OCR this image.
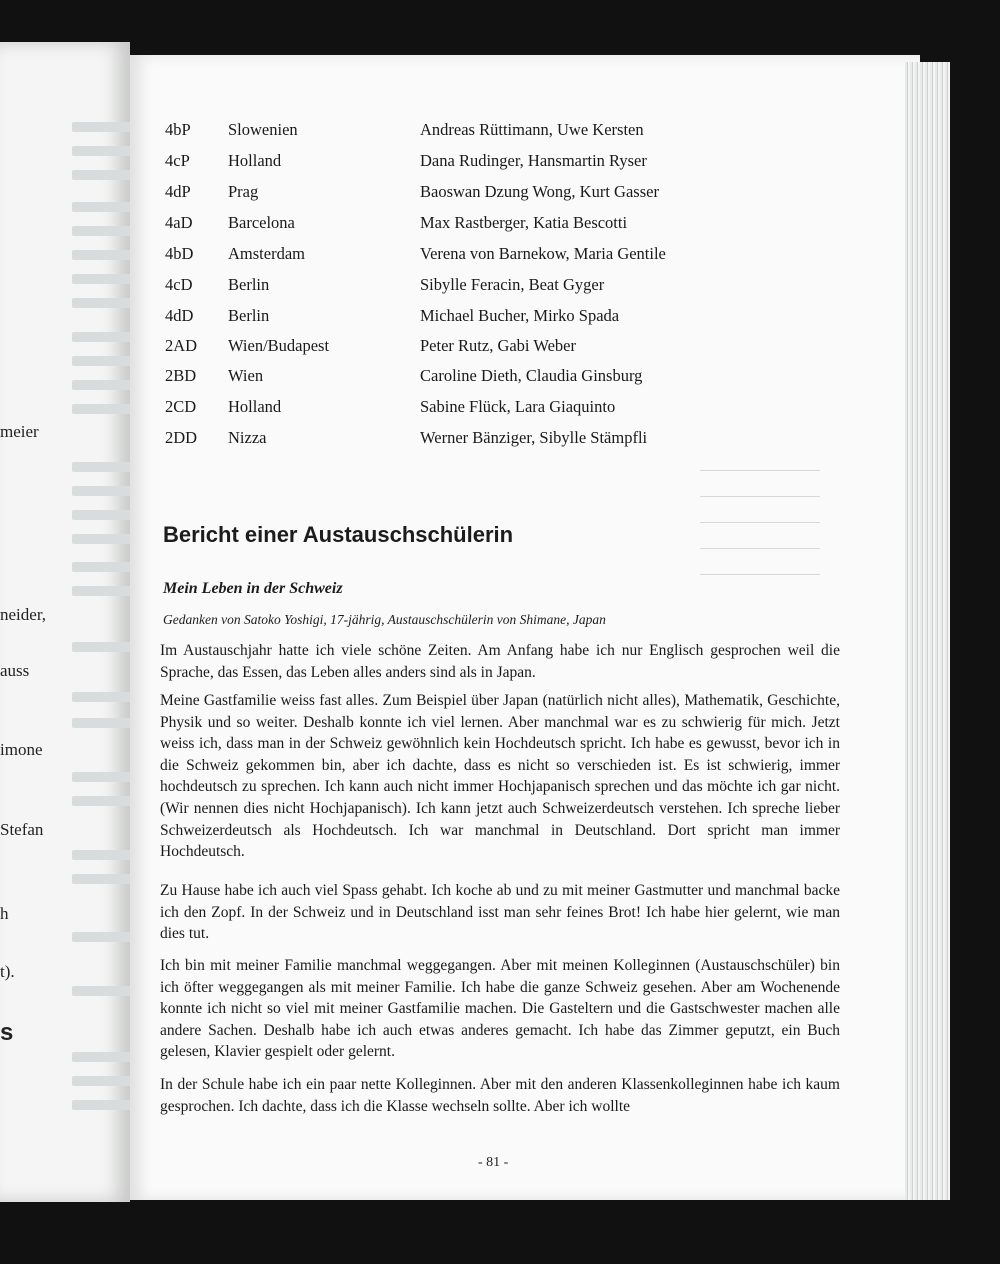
meier
neider,
auss
imone
Stefan
h
t).
s
4bP Slowenien	Andreas Rüttimann, Uwe Kersten
4cP Holland	Dana Rudinger, Hansmartin Ryser
4dP Prag	Baoswan Dzung Wong, Kurt Gasser
4aD Barcelona	Max Rastberger, Katia Bescotti
4bD Amsterdam	Verena von Barnekow, Maria Gentile
4cD Berlin	Sibylle Feracin, Beat Gyger
4dD Berlin	Michael Bucher, Mirko Spada
2AD Wien/Budapest	Peter Rutz, Gabi Weber
2BD Wien	Caroline Dieth, Claudia Ginsburg
2CD Holland	Sabine Flück, Lara Giaquinto
2DD Nizza	Werner Bänziger, Sibylle Stämpfli
Bericht einer Austauschschülerin
Mein Leben in der Schweiz
Gedanken von Satoko Yoshigi, 17-jährig, Austauschschülerin von Shimane, Japan

Im Austauschjahr hatte ich viele schöne Zeiten. Am Anfang habe ich nur Englisch gesprochen weil die Sprache, das Essen, das Leben alles anders sind als in Japan.

Meine Gastfamilie weiss fast alles. Zum Beispiel über Japan (natürlich nicht alles), Mathematik, Geschichte, Physik und so weiter. Deshalb konnte ich viel lernen. Aber manchmal war es zu schwierig für mich. Jetzt weiss ich, dass man in der Schweiz gewöhnlich kein Hochdeutsch spricht. Ich habe es gewusst, bevor ich in die Schweiz gekommen bin, aber ich dachte, dass es nicht so verschieden ist. Es ist schwierig, immer hochdeutsch zu sprechen. Ich kann auch nicht immer Hochjapanisch sprechen und das möchte ich gar nicht. (Wir nennen dies nicht Hochjapanisch). Ich kann jetzt auch Schweizerdeutsch verstehen. Ich spreche lieber Schweizerdeutsch als Hochdeutsch. Ich war manchmal in Deutschland. Dort spricht man immer Hochdeutsch.

Zu Hause habe ich auch viel Spass gehabt. Ich koche ab und zu mit meiner Gastmutter und manchmal backe ich den Zopf. In der Schweiz und in Deutschland isst man sehr feines Brot! Ich habe hier gelernt, wie man dies tut.

Ich bin mit meiner Familie manchmal weggegangen. Aber mit meinen Kolleginnen (Austauschschüler) bin ich öfter weggegangen als mit meiner Familie. Ich habe die ganze Schweiz gesehen. Aber am Wochenende konnte ich nicht so viel mit meiner Gastfamilie machen. Die Gasteltern und die Gastschwester machen alle andere Sachen. Deshalb habe ich auch etwas anderes gemacht. Ich habe das Zimmer geputzt, ein Buch gelesen, Klavier gespielt oder gelernt.

In der Schule habe ich ein paar nette Kolleginnen. Aber mit den anderen Klassenkolleginnen habe ich kaum gesprochen. Ich dachte, dass ich die Klasse wechseln sollte. Aber ich wollte

- 81 -
